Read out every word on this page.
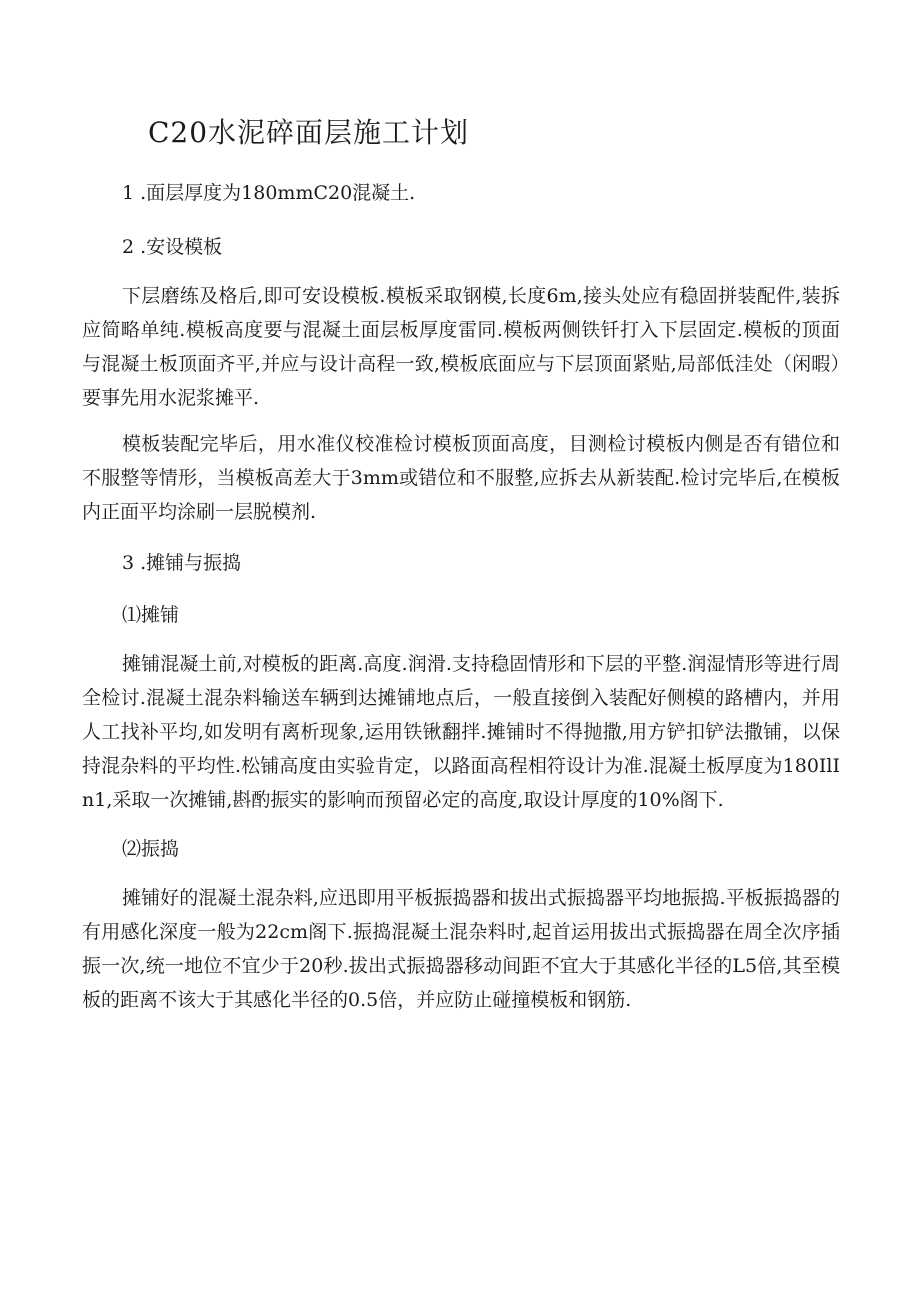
C20水泥碎面层施工计划
1 .面层厚度为180mmC20混凝土.
2 .安设模板

下层磨练及格后,即可安设模板.模板采取钢模,长度6m,接头处应有稳固拼装配件,装拆应简略单纯.模板高度要与混凝土面层板厚度雷同.模板两侧铁钎打入下层固定.模板的顶面与混凝土板顶面齐平,并应与设计高程一致,模板底面应与下层顶面紧贴,局部低洼处（闲暇）要事先用水泥浆摊平.

模板装配完毕后，用水准仪校准检讨模板顶面高度，目测检讨模板内侧是否有错位和不服整等情形，当模板高差大于3mm或错位和不服整,应拆去从新装配.检讨完毕后,在模板内正面平均涂刷一层脱模剂.

3 .摊铺与振捣
⑴摊铺

摊铺混凝土前,对模板的距离.高度.润滑.支持稳固情形和下层的平整.润湿情形等进行周全检讨.混凝土混杂料输送车辆到达摊铺地点后，一般直接倒入装配好侧模的路槽内，并用人工找补平均,如发明有离析现象,运用铁锹翻拌.摊铺时不得抛撒,用方铲扣铲法撒铺，以保持混杂料的平均性.松铺高度由实验肯定，以路面高程相符设计为准.混凝土板厚度为180IlIn1,采取一次摊铺,斟酌振实的影响而预留必定的高度,取设计厚度的10%阁下.

⑵振捣

摊铺好的混凝土混杂料,应迅即用平板振捣器和拔出式振捣器平均地振捣.平板振捣器的有用感化深度一般为22cm阁下.振捣混凝土混杂料时,起首运用拔出式振捣器在周全次序插振一次,统一地位不宜少于20秒.拔出式振捣器移动间距不宜大于其感化半径的L5倍,其至模板的距离不该大于其感化半径的0.5倍，并应防止碰撞模板和钢筋.
